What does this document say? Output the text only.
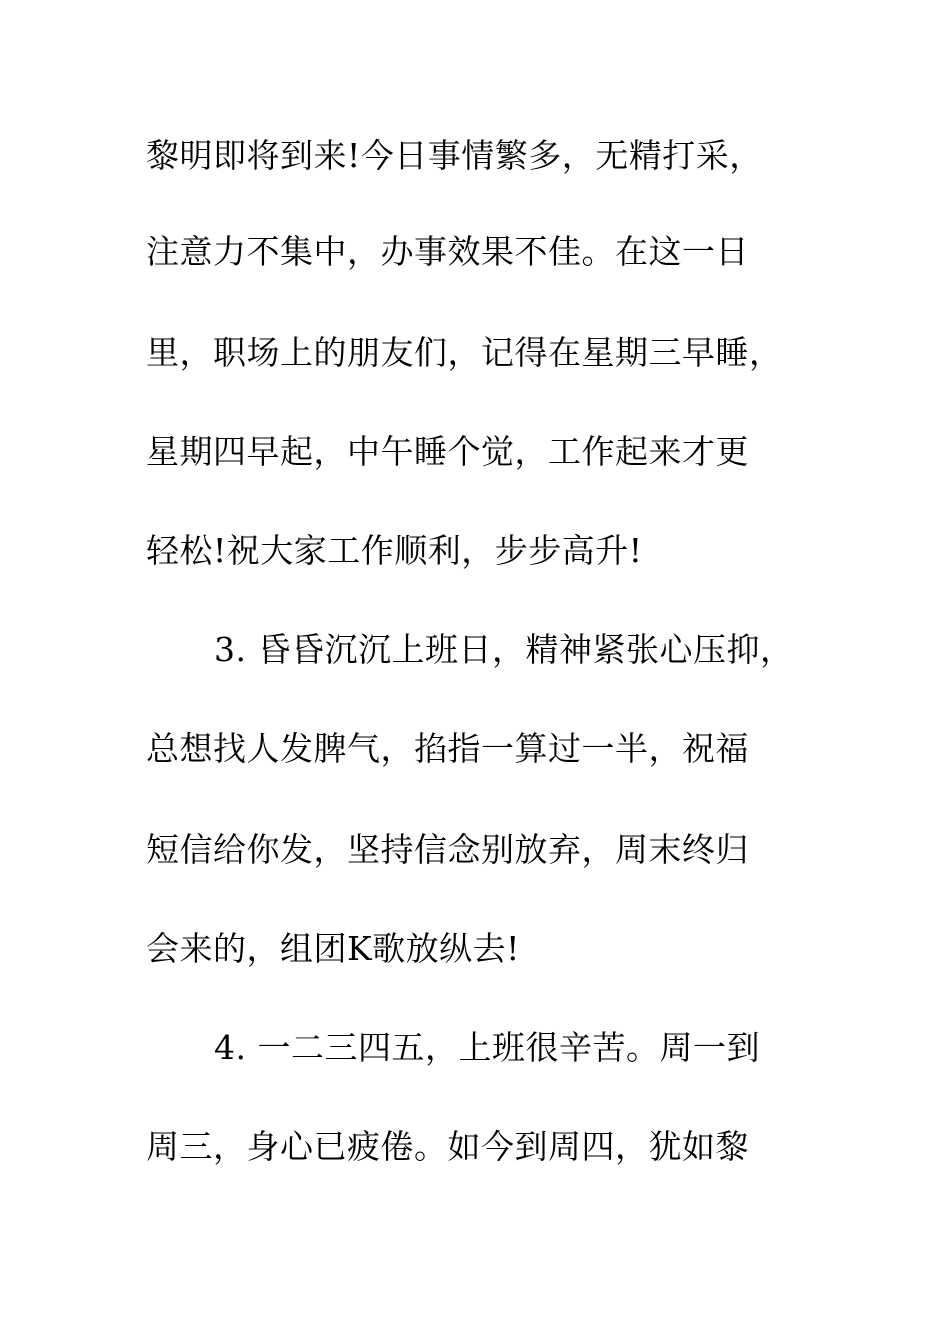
黎明即将到来!今日事情繁多，无精打采，
注意力不集中，办事效果不佳。在这一日
里，职场上的朋友们，记得在星期三早睡，
星期四早起，中午睡个觉，工作起来才更
轻松!祝大家工作顺利，步步高升!
3. 昏昏沉沉上班日，精神紧张心压抑，
总想找人发脾气，掐指一算过一半，祝福
短信给你发，坚持信念别放弃，周末终归
会来的，组团K歌放纵去!
4. 一二三四五，上班很辛苦。周一到
周三，身心已疲倦。如今到周四，犹如黎
